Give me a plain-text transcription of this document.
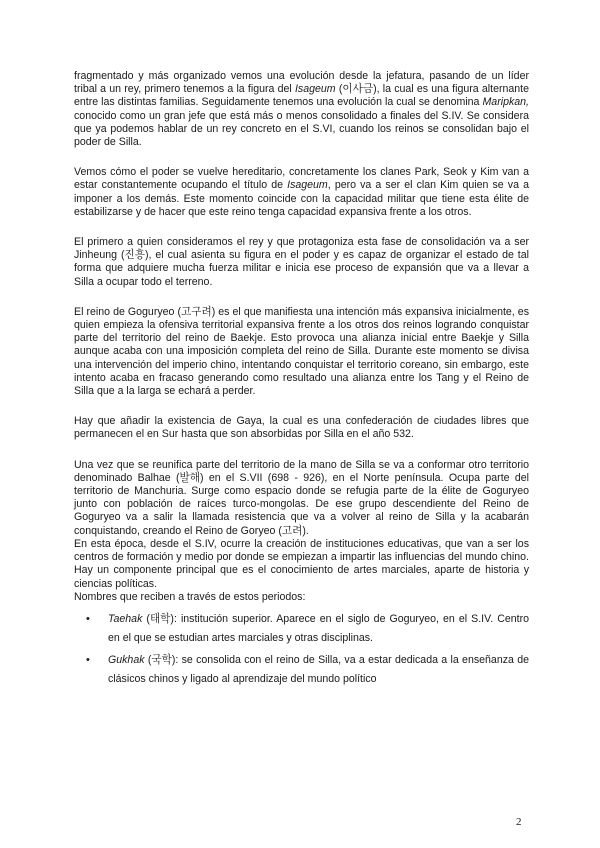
fragmentado y más organizado vemos una evolución desde la jefatura, pasando de un líder tribal a un rey, primero tenemos a la figura del Isageum (이사금), la cual es una figura alternante entre las distintas familias. Seguidamente tenemos una evolución la cual se denomina Maripkan, conocido como un gran jefe que está más o menos consolidado a finales del S.IV. Se considera que ya podemos hablar de un rey concreto en el S.VI, cuando los reinos se consolidan bajo el poder de Silla.

Vemos cómo el poder se vuelve hereditario, concretamente los clanes Park, Seok y Kim van a estar constantemente ocupando el título de Isageum, pero va a ser el clan Kim quien se va a imponer a los demás. Este momento coincide con la capacidad militar que tiene esta élite de estabilizarse y de hacer que este reino tenga capacidad expansiva frente a los otros.

El primero a quien consideramos el rey y que protagoniza esta fase de consolidación va a ser Jinheung (진흥), el cual asienta su figura en el poder y es capaz de organizar el estado de tal forma que adquiere mucha fuerza militar e inicia ese proceso de expansión que va a llevar a Silla a ocupar todo el terreno.

El reino de Goguryeo (고구려) es el que manifiesta una intención más expansiva inicialmente, es quien empieza la ofensiva territorial expansiva frente a los otros dos reinos logrando conquistar parte del territorio del reino de Baekje. Esto provoca una alianza inicial entre Baekje y Silla aunque acaba con una imposición completa del reino de Silla. Durante este momento se divisa una intervención del imperio chino, intentando conquistar el territorio coreano, sin embargo, este intento acaba en fracaso generando como resultado una alianza entre los Tang y el Reino de Silla que a la larga se echará a perder.

Hay que añadir la existencia de Gaya, la cual es una confederación de ciudades libres que permanecen el en Sur hasta que son absorbidas por Silla en el año 532.

Una vez que se reunifica parte del territorio de la mano de Silla se va a conformar otro territorio denominado Balhae (발해) en el S.VII (698 - 926), en el Norte península. Ocupa parte del territorio de Manchuria. Surge como espacio donde se refugia parte de la élite de Goguryeo junto con población de raíces turco-mongolas. De ese grupo descendiente del Reino de Goguryeo va a salir la llamada resistencia que va a volver al reino de Silla y la acabarán conquistando, creando el Reino de Goryeo (고려).

En esta época, desde el S.IV, ocurre la creación de instituciones educativas, que van a ser los centros de formación y medio por donde se empiezan a impartir las influencias del mundo chino. Hay un componente principal que es el conocimiento de artes marciales, aparte de historia y ciencias políticas.

Nombres que reciben a través de estos periodos:

• Taehak (태학): institución superior. Aparece en el siglo de Goguryeo, en el S.IV. Centro en el que se estudian artes marciales y otras disciplinas.
• Gukhak (국학): se consolida con el reino de Silla, va a estar dedicada a la enseñanza de clásicos chinos y ligado al aprendizaje del mundo político
2
